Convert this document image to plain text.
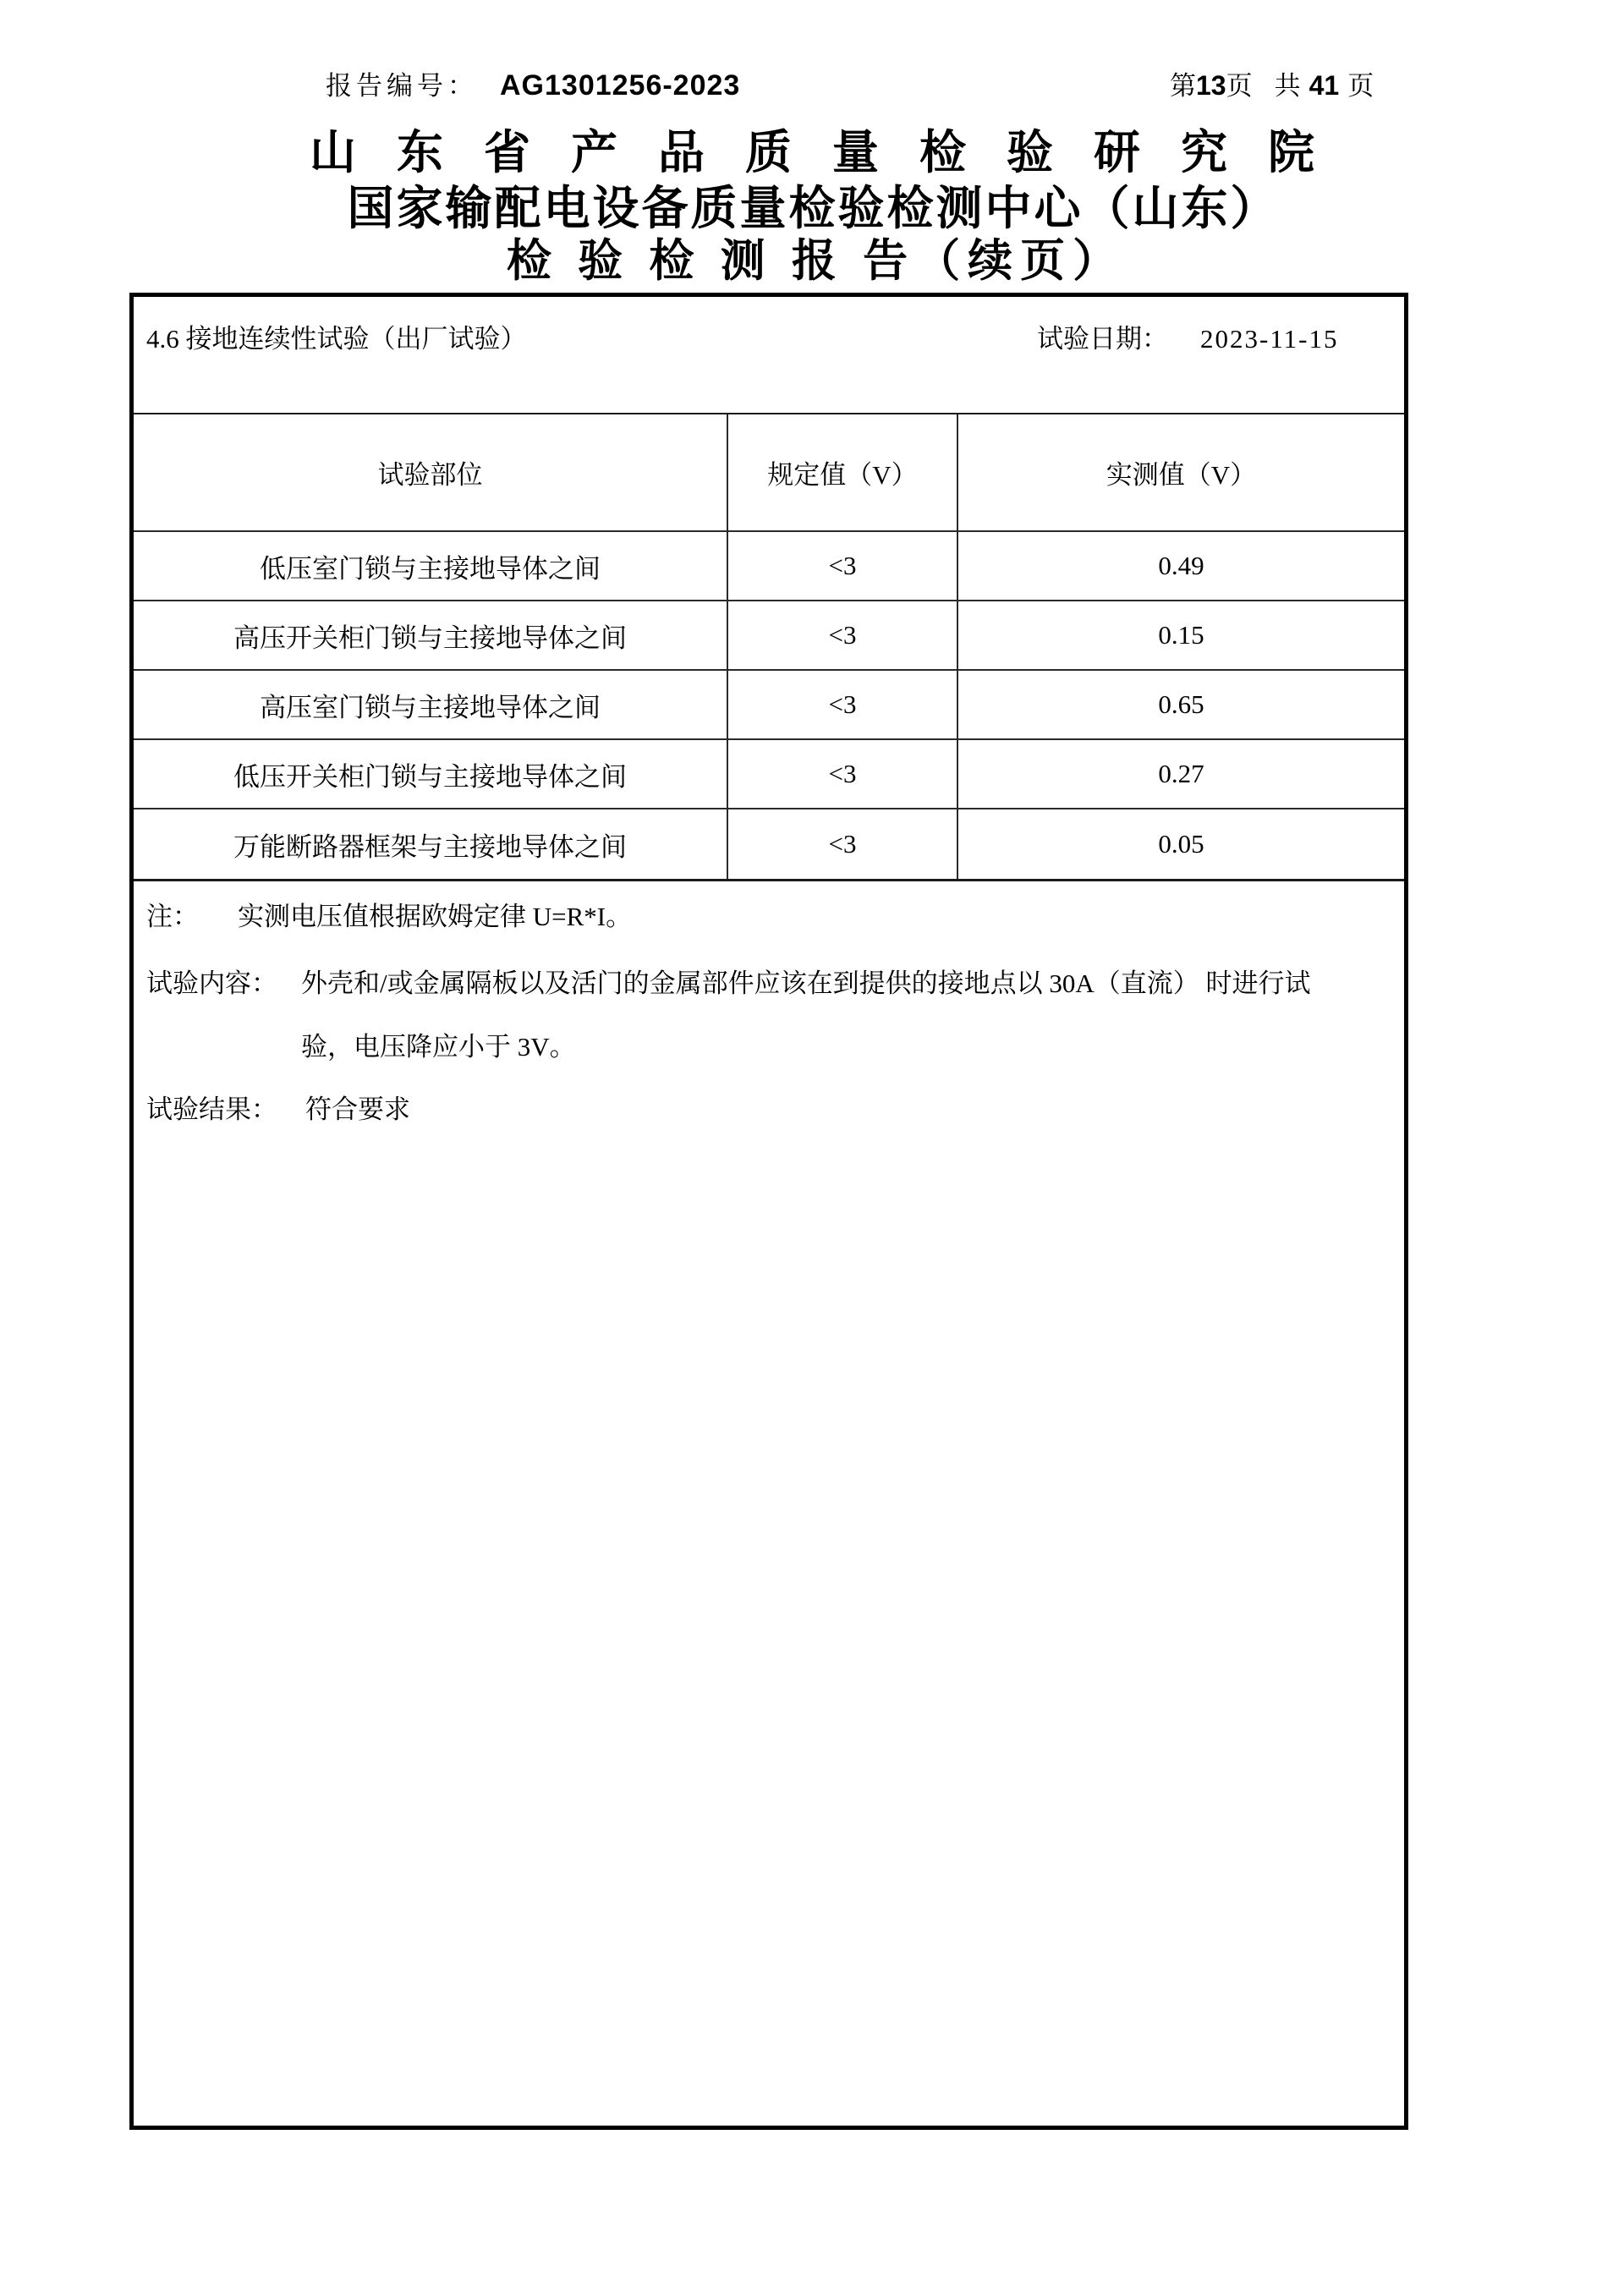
报告编号： AG1301256-2023	第13页 共 41 页
山东省产品质量检验研究院
国家输配电设备质量检验检测中心（山东）
检 验 检 测 报 告（续页）
4.6 接地连续性试验（出厂试验）	试验日期： 2023-11-15
试验部位	规定值（V）	实测值（V）
低压室门锁与主接地导体之间	<3	0.49
高压开关柜门锁与主接地导体之间	<3	0.15
高压室门锁与主接地导体之间	<3	0.65
低压开关柜门锁与主接地导体之间	<3	0.27
万能断路器框架与主接地导体之间	<3	0.05
注： 实测电压值根据欧姆定律 U=R*I。
试验内容： 外壳和/或金属隔板以及活门的金属部件应该在到提供的接地点以 30A（直流） 时进行试
验，电压降应小于 3V。
试验结果： 符合要求
